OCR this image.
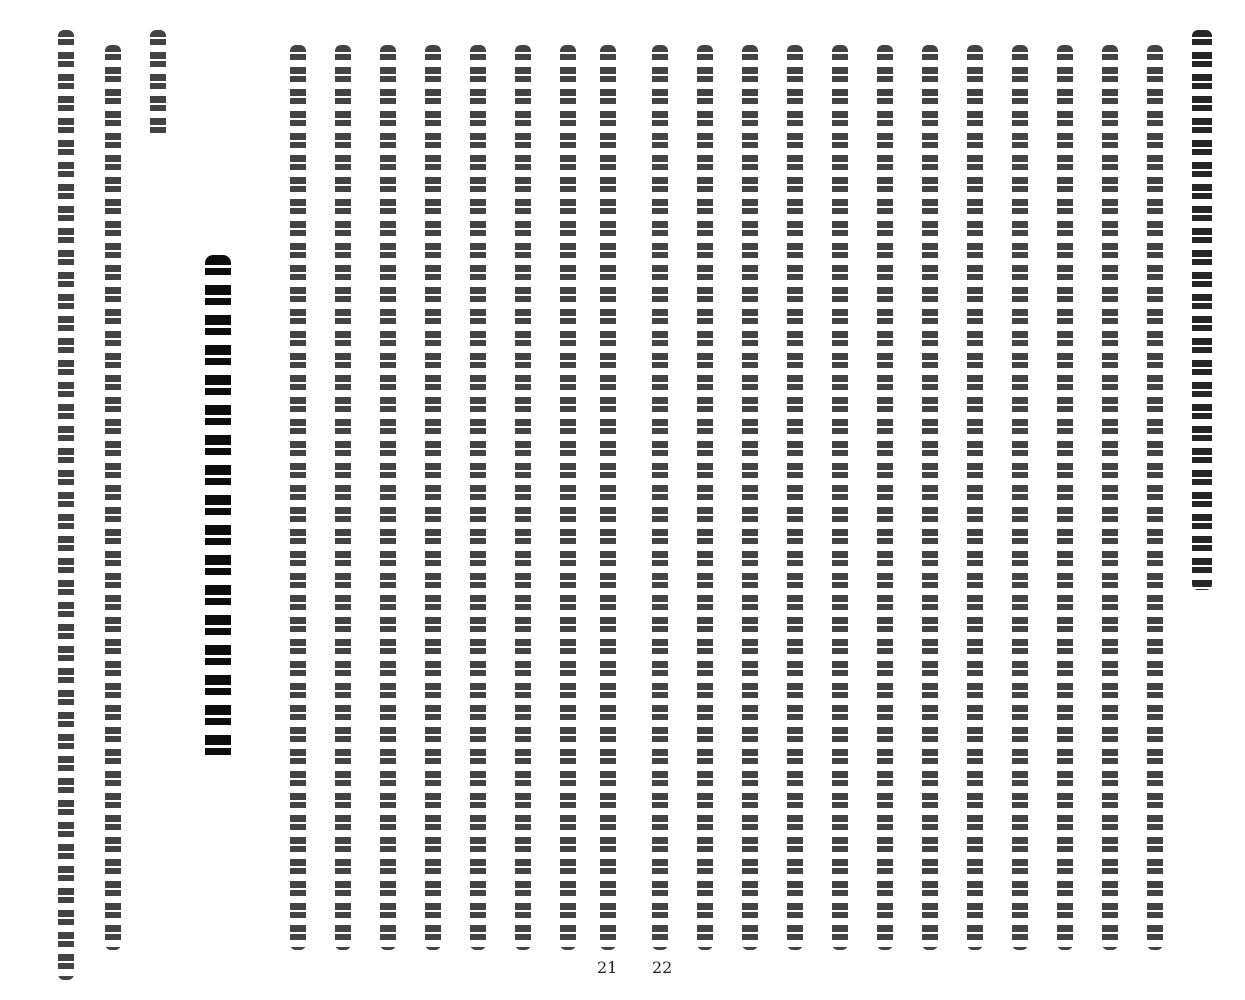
21 22
